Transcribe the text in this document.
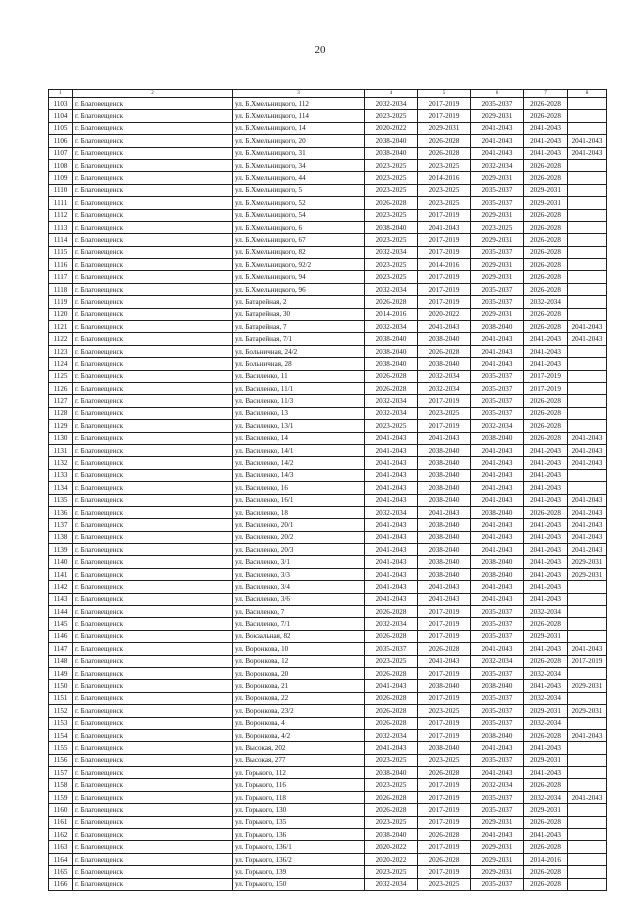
20
1	2	3	4	5	6	7	8
1103	г. Благовещенск	ул. Б.Хмельницкого, 112	2032-2034	2017-2019	2035-2037	2026-2028	
1104	г. Благовещенск	ул. Б.Хмельницкого, 114	2023-2025	2017-2019	2029-2031	2026-2028	
1105	г. Благовещенск	ул. Б.Хмельницкого, 14	2020-2022	2029-2031	2041-2043	2041-2043	
1106	г. Благовещенск	ул. Б.Хмельницкого, 20	2038-2040	2026-2028	2041-2043	2041-2043	2041-2043
1107	г. Благовещенск	ул. Б.Хмельницкого, 31	2038-2040	2026-2028	2041-2043	2041-2043	2041-2043
1108	г. Благовещенск	ул. Б.Хмельницкого, 34	2023-2025	2023-2025	2032-2034	2026-2028	
1109	г. Благовещенск	ул. Б.Хмельницкого, 44	2023-2025	2014-2016	2029-2031	2026-2028	
1110	г. Благовещенск	ул. Б.Хмельницкого, 5	2023-2025	2023-2025	2035-2037	2029-2031	
1111	г. Благовещенск	ул. Б.Хмельницкого, 52	2026-2028	2023-2025	2035-2037	2029-2031	
1112	г. Благовещенск	ул. Б.Хмельницкого, 54	2023-2025	2017-2019	2029-2031	2026-2028	
1113	г. Благовещенск	ул. Б.Хмельницкого, 6	2038-2040	2041-2043	2023-2025	2026-2028	
1114	г. Благовещенск	ул. Б.Хмельницкого, 67	2023-2025	2017-2019	2029-2031	2026-2028	
1115	г. Благовещенск	ул. Б.Хмельницкого, 82	2032-2034	2017-2019	2035-2037	2026-2028	
1116	г. Благовещенск	ул. Б.Хмельницкого, 92/2	2023-2025	2014-2016	2029-2031	2026-2028	
1117	г. Благовещенск	ул. Б.Хмельницкого, 94	2023-2025	2017-2019	2029-2031	2026-2028	
1118	г. Благовещенск	ул. Б.Хмельницкого, 96	2032-2034	2017-2019	2035-2037	2026-2028	
1119	г. Благовещенск	ул. Батарейная, 2	2026-2028	2017-2019	2035-2037	2032-2034	
1120	г. Благовещенск	ул. Батарейная, 30	2014-2016	2020-2022	2029-2031	2026-2028	
1121	г. Благовещенск	ул. Батарейная, 7	2032-2034	2041-2043	2038-2040	2026-2028	2041-2043
1122	г. Благовещенск	ул. Батарейная, 7/1	2038-2040	2038-2040	2041-2043	2041-2043	2041-2043
1123	г. Благовещенск	ул. Больничная, 24/2	2038-2040	2026-2028	2041-2043	2041-2043	
1124	г. Благовещенск	ул. Больничная, 28	2038-2040	2038-2040	2041-2043	2041-2043	
1125	г. Благовещенск	ул. Василенко, 11	2026-2028	2032-2034	2035-2037	2017-2019	
1126	г. Благовещенск	ул. Василенко, 11/1	2026-2028	2032-2034	2035-2037	2017-2019	
1127	г. Благовещенск	ул. Василенко, 11/3	2032-2034	2017-2019	2035-2037	2026-2028	
1128	г. Благовещенск	ул. Василенко, 13	2032-2034	2023-2025	2035-2037	2026-2028	
1129	г. Благовещенск	ул. Василенко, 13/1	2023-2025	2017-2019	2032-2034	2026-2028	
1130	г. Благовещенск	ул. Василенко, 14	2041-2043	2041-2043	2038-2040	2026-2028	2041-2043
1131	г. Благовещенск	ул. Василенко, 14/1	2041-2043	2038-2040	2041-2043	2041-2043	2041-2043
1132	г. Благовещенск	ул. Василенко, 14/2	2041-2043	2038-2040	2041-2043	2041-2043	2041-2043
1133	г. Благовещенск	ул. Василенко, 14/3	2041-2043	2038-2040	2041-2043	2041-2043	
1134	г. Благовещенск	ул. Василенко, 16	2041-2043	2038-2040	2041-2043	2041-2043	
1135	г. Благовещенск	ул. Василенко, 16/1	2041-2043	2038-2040	2041-2043	2041-2043	2041-2043
1136	г. Благовещенск	ул. Василенко, 18	2032-2034	2041-2043	2038-2040	2026-2028	2041-2043
1137	г. Благовещенск	ул. Василенко, 20/1	2041-2043	2038-2040	2041-2043	2041-2043	2041-2043
1138	г. Благовещенск	ул. Василенко, 20/2	2041-2043	2038-2040	2041-2043	2041-2043	2041-2043
1139	г. Благовещенск	ул. Василенко, 20/3	2041-2043	2038-2040	2041-2043	2041-2043	2041-2043
1140	г. Благовещенск	ул. Василенко, 3/1	2041-2043	2038-2040	2038-2040	2041-2043	2029-2031
1141	г. Благовещенск	ул. Василенко, 3/3	2041-2043	2038-2040	2038-2040	2041-2043	2029-2031
1142	г. Благовещенск	ул. Василенко, 3/4	2041-2043	2041-2043	2041-2043	2041-2043	
1143	г. Благовещенск	ул. Василенко, 3/6	2041-2043	2041-2043	2041-2043	2041-2043	
1144	г. Благовещенск	ул. Василенко, 7	2026-2028	2017-2019	2035-2037	2032-2034	
1145	г. Благовещенск	ул. Василенко, 7/1	2032-2034	2017-2019	2035-2037	2026-2028	
1146	г. Благовещенск	ул. Вокзальная, 82	2026-2028	2017-2019	2035-2037	2029-2031	
1147	г. Благовещенск	ул. Воронкова, 10	2035-2037	2026-2028	2041-2043	2041-2043	2041-2043
1148	г. Благовещенск	ул. Воронкова, 12	2023-2025	2041-2043	2032-2034	2026-2028	2017-2019
1149	г. Благовещенск	ул. Воронкова, 20	2026-2028	2017-2019	2035-2037	2032-2034	
1150	г. Благовещенск	ул. Воронкова, 21	2041-2043	2038-2040	2038-2040	2041-2043	2029-2031
1151	г. Благовещенск	ул. Воронкова, 22	2026-2028	2017-2019	2035-2037	2032-2034	
1152	г. Благовещенск	ул. Воронкова, 23/2	2026-2028	2023-2025	2035-2037	2029-2031	2029-2031
1153	г. Благовещенск	ул. Воронкова, 4	2026-2028	2017-2019	2035-2037	2032-2034	
1154	г. Благовещенск	ул. Воронкова, 4/2	2032-2034	2017-2019	2038-2040	2026-2028	2041-2043
1155	г. Благовещенск	ул. Высокая, 202	2041-2043	2038-2040	2041-2043	2041-2043	
1156	г. Благовещенск	ул. Высокая, 277	2023-2025	2023-2025	2035-2037	2029-2031	
1157	г. Благовещенск	ул. Горького, 112	2038-2040	2026-2028	2041-2043	2041-2043	
1158	г. Благовещенск	ул. Горького, 116	2023-2025	2017-2019	2032-2034	2026-2028	
1159	г. Благовещенск	ул. Горького, 118	2026-2028	2017-2019	2035-2037	2032-2034	2041-2043
1160	г. Благовещенск	ул. Горького, 130	2026-2028	2017-2019	2035-2037	2029-2031	
1161	г. Благовещенск	ул. Горького, 135	2023-2025	2017-2019	2029-2031	2026-2028	
1162	г. Благовещенск	ул. Горького, 136	2038-2040	2026-2028	2041-2043	2041-2043	
1163	г. Благовещенск	ул. Горького, 136/1	2020-2022	2017-2019	2029-2031	2026-2028	
1164	г. Благовещенск	ул. Горького, 136/2	2020-2022	2026-2028	2029-2031	2014-2016	
1165	г. Благовещенск	ул. Горького, 139	2023-2025	2017-2019	2029-2031	2026-2028	
1166	г. Благовещенск	ул. Горького, 150	2032-2034	2023-2025	2035-2037	2026-2028	
